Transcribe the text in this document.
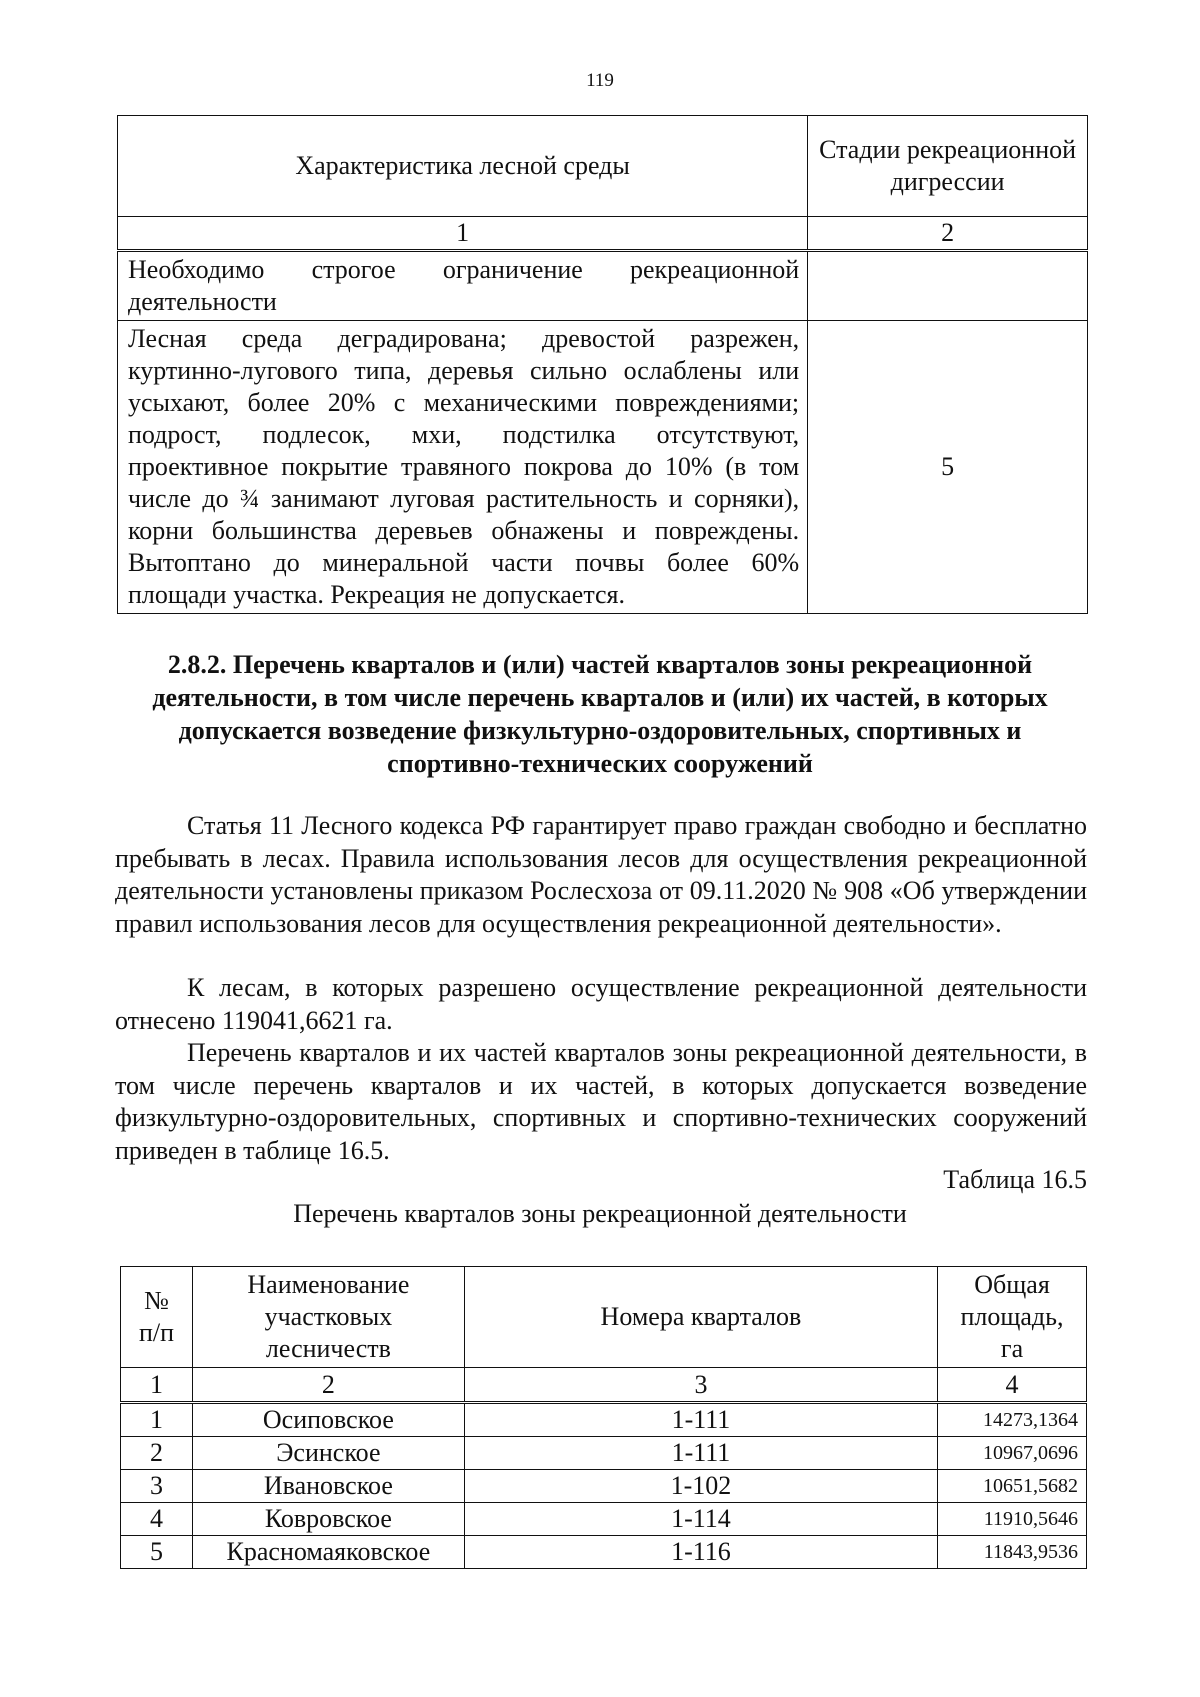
119
Характеристика лесной среды	Стадии рекреационной дигрессии
1	2
Необходимо строгое ограничение рекреационной деятельности	
Лесная среда деградирована; древостой разрежен, куртинно-лугового типа, деревья сильно ослаблены или усыхают, более 20% с механическими повреждениями; подрост, подлесок, мхи, подстилка отсутствуют, проективное покрытие травяного покрова до 10% (в том числе до ¾ занимают луговая растительность и сорняки), корни большинства деревьев обнажены и повреждены. Вытоптано до минеральной части почвы более 60% площади участка. Рекреация не допускается.	5
2.8.2. Перечень кварталов и (или) частей кварталов зоны рекреационной деятельности, в том числе перечень кварталов и (или) их частей, в которых допускается возведение физкультурно-оздоровительных, спортивных и спортивно-технических сооружений
Статья 11 Лесного кодекса РФ гарантирует право граждан свободно и бесплатно пребывать в лесах. Правила использования лесов для осуществления рекреационной деятельности установлены приказом Рослесхоза от 09.11.2020 № 908 «Об утверждении правил использования лесов для осуществления рекреационной деятельности».
К лесам, в которых разрешено осуществление рекреационной деятельности отнесено 119041,6621 га.
Перечень кварталов и их частей кварталов зоны рекреационной деятельности, в том числе перечень кварталов и их частей, в которых допускается возведение физкультурно-оздоровительных, спортивных и спортивно-технических сооружений приведен в таблице 16.5.
Таблица 16.5
Перечень кварталов зоны рекреационной деятельности
№ п/п	Наименование участковых лесничеств	Номера кварталов	Общая площадь, га
1	2	3	4
1	Осиповское	1-111	14273,1364
2	Эсинское	1-111	10967,0696
3	Ивановское	1-102	10651,5682
4	Ковровское	1-114	11910,5646
5	Красномаяковское	1-116	11843,9536
